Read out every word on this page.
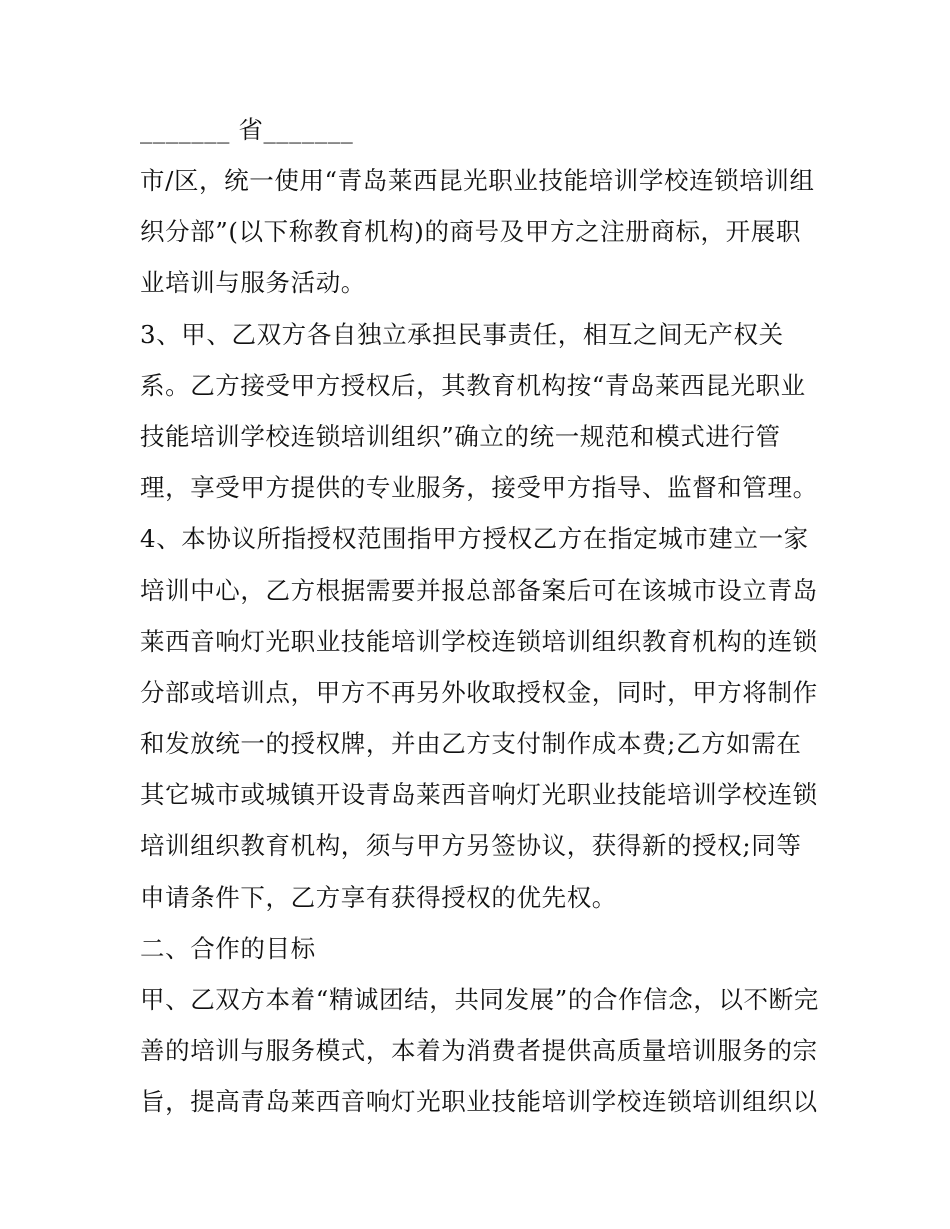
_______ 省_______
市/区，统一使用“青岛莱西昆光职业技能培训学校连锁培训组
织分部”(以下称教育机构)的商号及甲方之注册商标，开展职
业培训与服务活动。
3、甲、乙双方各自独立承担民事责任，相互之间无产权关
系。乙方接受甲方授权后，其教育机构按“青岛莱西昆光职业
技能培训学校连锁培训组织”确立的统一规范和模式进行管
理，享受甲方提供的专业服务，接受甲方指导、监督和管理。
4、本协议所指授权范围指甲方授权乙方在指定城市建立一家
培训中心，乙方根据需要并报总部备案后可在该城市设立青岛
莱西音响灯光职业技能培训学校连锁培训组织教育机构的连锁
分部或培训点，甲方不再另外收取授权金，同时，甲方将制作
和发放统一的授权牌，并由乙方支付制作成本费;乙方如需在
其它城市或城镇开设青岛莱西音响灯光职业技能培训学校连锁
培训组织教育机构，须与甲方另签协议，获得新的授权;同等
申请条件下，乙方享有获得授权的优先权。
二、合作的目标
甲、乙双方本着“精诚团结，共同发展”的合作信念，以不断完
善的培训与服务模式，本着为消费者提供高质量培训服务的宗
旨，提高青岛莱西音响灯光职业技能培训学校连锁培训组织以
